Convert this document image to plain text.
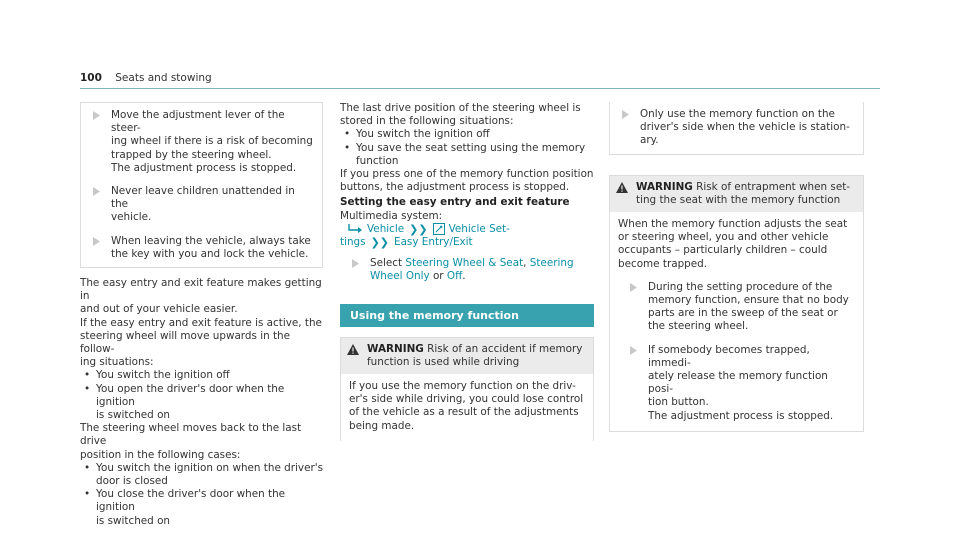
100 Seats and stowing

Move the adjustment lever of the steer-

ing wheel if there is a risk of becoming

trapped by the steering wheel.

The adjustment process is stopped.

Never leave children unattended in the

vehicle.

When leaving the vehicle, always take

the key with you and lock the vehicle.

The easy entry and exit feature makes getting in

and out of your vehicle easier.

If the easy entry and exit feature is active, the

steering wheel will move upwards in the follow-

ing situations:

• You switch the ignition off
• You open the driver's door when the ignition
is switched on

The steering wheel moves back to the last drive

position in the following cases:

• You switch the ignition on when the driver's
door is closed
• You close the driver's door when the ignition
is switched on

The last drive position of the steering wheel is

stored in the following situations:

• You switch the ignition off
• You save the seat setting using the memory
function

If you press one of the memory function position

buttons, the adjustment process is stopped.

Setting the easy entry and exit feature

Multimedia system:

Vehicle ❯❯ Vehicle Set-
tings ❯❯ Easy Entry/Exit

Select Steering Wheel & Seat, Steering

Wheel Only or Off.

Using the memory function

WARNING Risk of an accident if memory

function is used while driving

If you use the memory function on the driv-

er's side while driving, you could lose control

of the vehicle as a result of the adjustments

being made.

Only use the memory function on the

driver's side when the vehicle is station-

ary.

WARNING Risk of entrapment when set-

ting the seat with the memory function

When the memory function adjusts the seat

or steering wheel, you and other vehicle

occupants – particularly children – could

become trapped.

During the setting procedure of the

memory function, ensure that no body

parts are in the sweep of the seat or

the steering wheel.

If somebody becomes trapped, immedi-

ately release the memory function posi-

tion button.

The adjustment process is stopped.
